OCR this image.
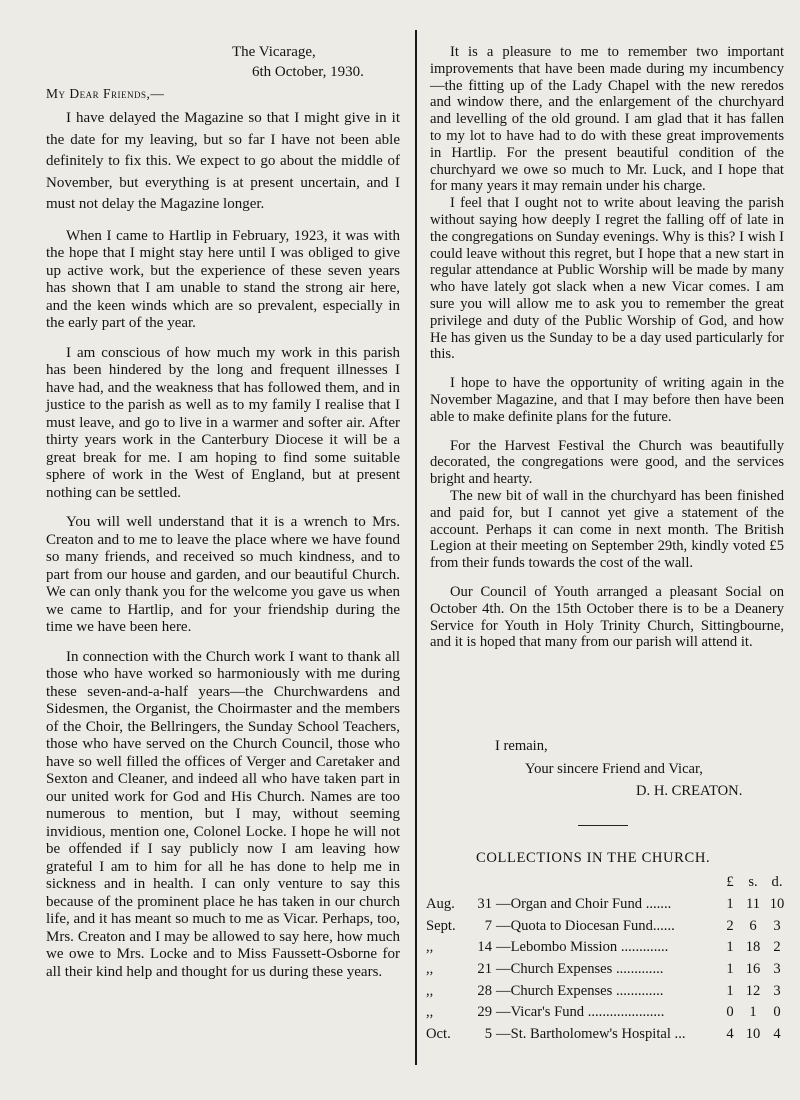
The Vicarage,
6th October, 1930.
My Dear Friends,—

I have delayed the Magazine so that I might give in it the date for my leaving, but so far I have not been able definitely to fix this. We expect to go about the middle of November, but everything is at present uncertain, and I must not delay the Magazine longer.

When I came to Hartlip in February, 1923, it was with the hope that I might stay here until I was obliged to give up active work, but the experience of these seven years has shown that I am unable to stand the strong air here, and the keen winds which are so prevalent, especially in the early part of the year.

I am conscious of how much my work in this parish has been hindered by the long and frequent illnesses I have had, and the weakness that has followed them, and in justice to the parish as well as to my family I realise that I must leave, and go to live in a warmer and softer air. After thirty years work in the Canterbury Diocese it will be a great break for me. I am hoping to find some suitable sphere of work in the West of England, but at present nothing can be settled.

You will well understand that it is a wrench to Mrs. Creaton and to me to leave the place where we have found so many friends, and received so much kindness, and to part from our house and garden, and our beautiful Church. We can only thank you for the welcome you gave us when we came to Hartlip, and for your friendship during the time we have been here.

In connection with the Church work I want to thank all those who have worked so harmoniously with me during these seven-and-a-half years—the Churchwardens and Sidesmen, the Organist, the Choirmaster and the members of the Choir, the Bellringers, the Sunday School Teachers, those who have served on the Church Council, those who have so well filled the offices of Verger and Caretaker and Sexton and Cleaner, and indeed all who have taken part in our united work for God and His Church. Names are too numerous to mention, but I may, without seeming invidious, mention one, Colonel Locke. I hope he will not be offended if I say publicly now I am leaving how grateful I am to him for all he has done to help me in sickness and in health. I can only venture to say this because of the prominent place he has taken in our church life, and it has meant so much to me as Vicar. Perhaps, too, Mrs. Creaton and I may be allowed to say here, how much we owe to Mrs. Locke and to Miss Faussett-Osborne for all their kind help and thought for us during these years.

It is a pleasure to me to remember two important improvements that have been made during my incumbency—the fitting up of the Lady Chapel with the new reredos and window there, and the enlargement of the churchyard and levelling of the old ground. I am glad that it has fallen to my lot to have had to do with these great improvements in Hartlip. For the present beautiful condition of the churchyard we owe so much to Mr. Luck, and I hope that for many years it may remain under his charge.

I feel that I ought not to write about leaving the parish without saying how deeply I regret the falling off of late in the congregations on Sunday evenings. Why is this? I wish I could leave without this regret, but I hope that a new start in regular attendance at Public Worship will be made by many who have lately got slack when a new Vicar comes. I am sure you will allow me to ask you to remember the great privilege and duty of the Public Worship of God, and how He has given us the Sunday to be a day used particularly for this.

I hope to have the opportunity of writing again in the November Magazine, and that I may before then have been able to make definite plans for the future.

For the Harvest Festival the Church was beautifully decorated, the congregations were good, and the services bright and hearty.

The new bit of wall in the churchyard has been finished and paid for, but I cannot yet give a statement of the account. Perhaps it can come in next month. The British Legion at their meeting on September 29th, kindly voted £5 from their funds towards the cost of the wall.

Our Council of Youth arranged a pleasant Social on October 4th. On the 15th October there is to be a Deanery Service for Youth in Holy Trinity Church, Sittingbourne, and it is hoped that many from our parish will attend it.

I remain,
Your sincere Friend and Vicar,
D. H. CREATON.
COLLECTIONS IN THE CHURCH.
£	s. d.
Aug.	31 —Organ and Choir Fund .......	1 11 10
Sept.	7 —Quota to Diocesan Fund......	2	6	3
,,	14 —Lebombo Mission .............	1 18 2
,,	21 —Church Expenses .............	1 16 3
,,	28 —Church Expenses .............	1 12 3
,,	29 —Vicar's Fund .....................	0	1	0
Oct.	5 —St. Bartholomew's Hospital ...	4 10 4
